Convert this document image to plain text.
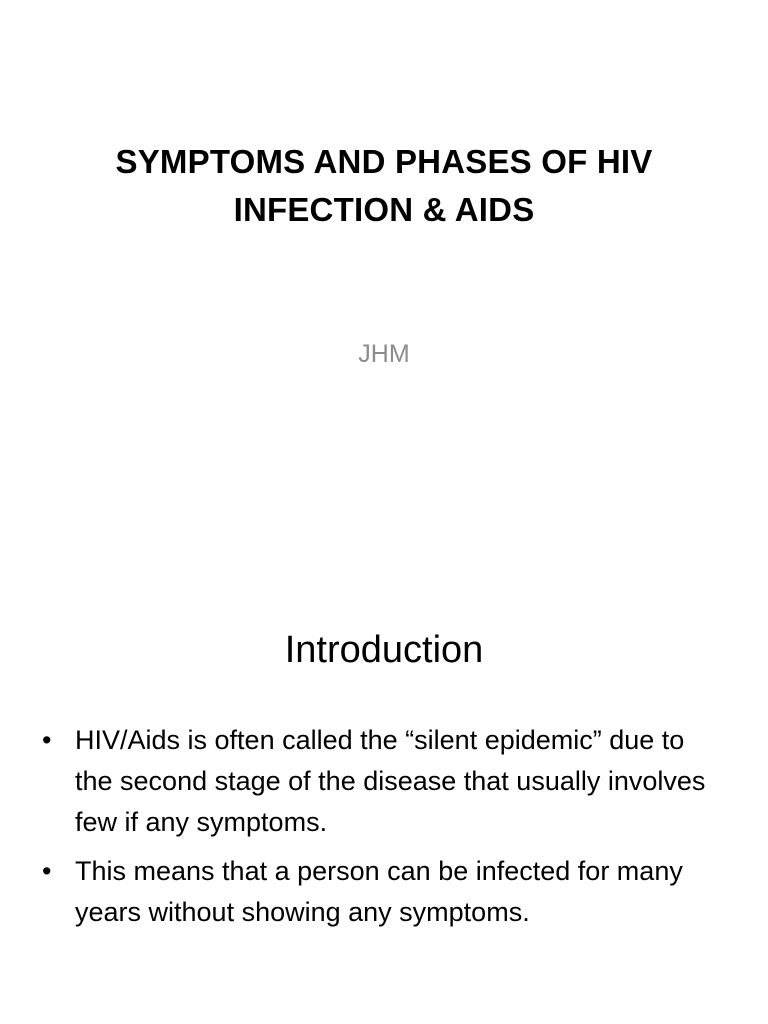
SYMPTOMS AND PHASES OF HIV
INFECTION & AIDS
JHM
Introduction
• HIV/Aids is often called the “silent epidemic” due to the second stage of the disease that usually involves few if any symptoms.
• This means that a person can be infected for many years without showing any symptoms.
